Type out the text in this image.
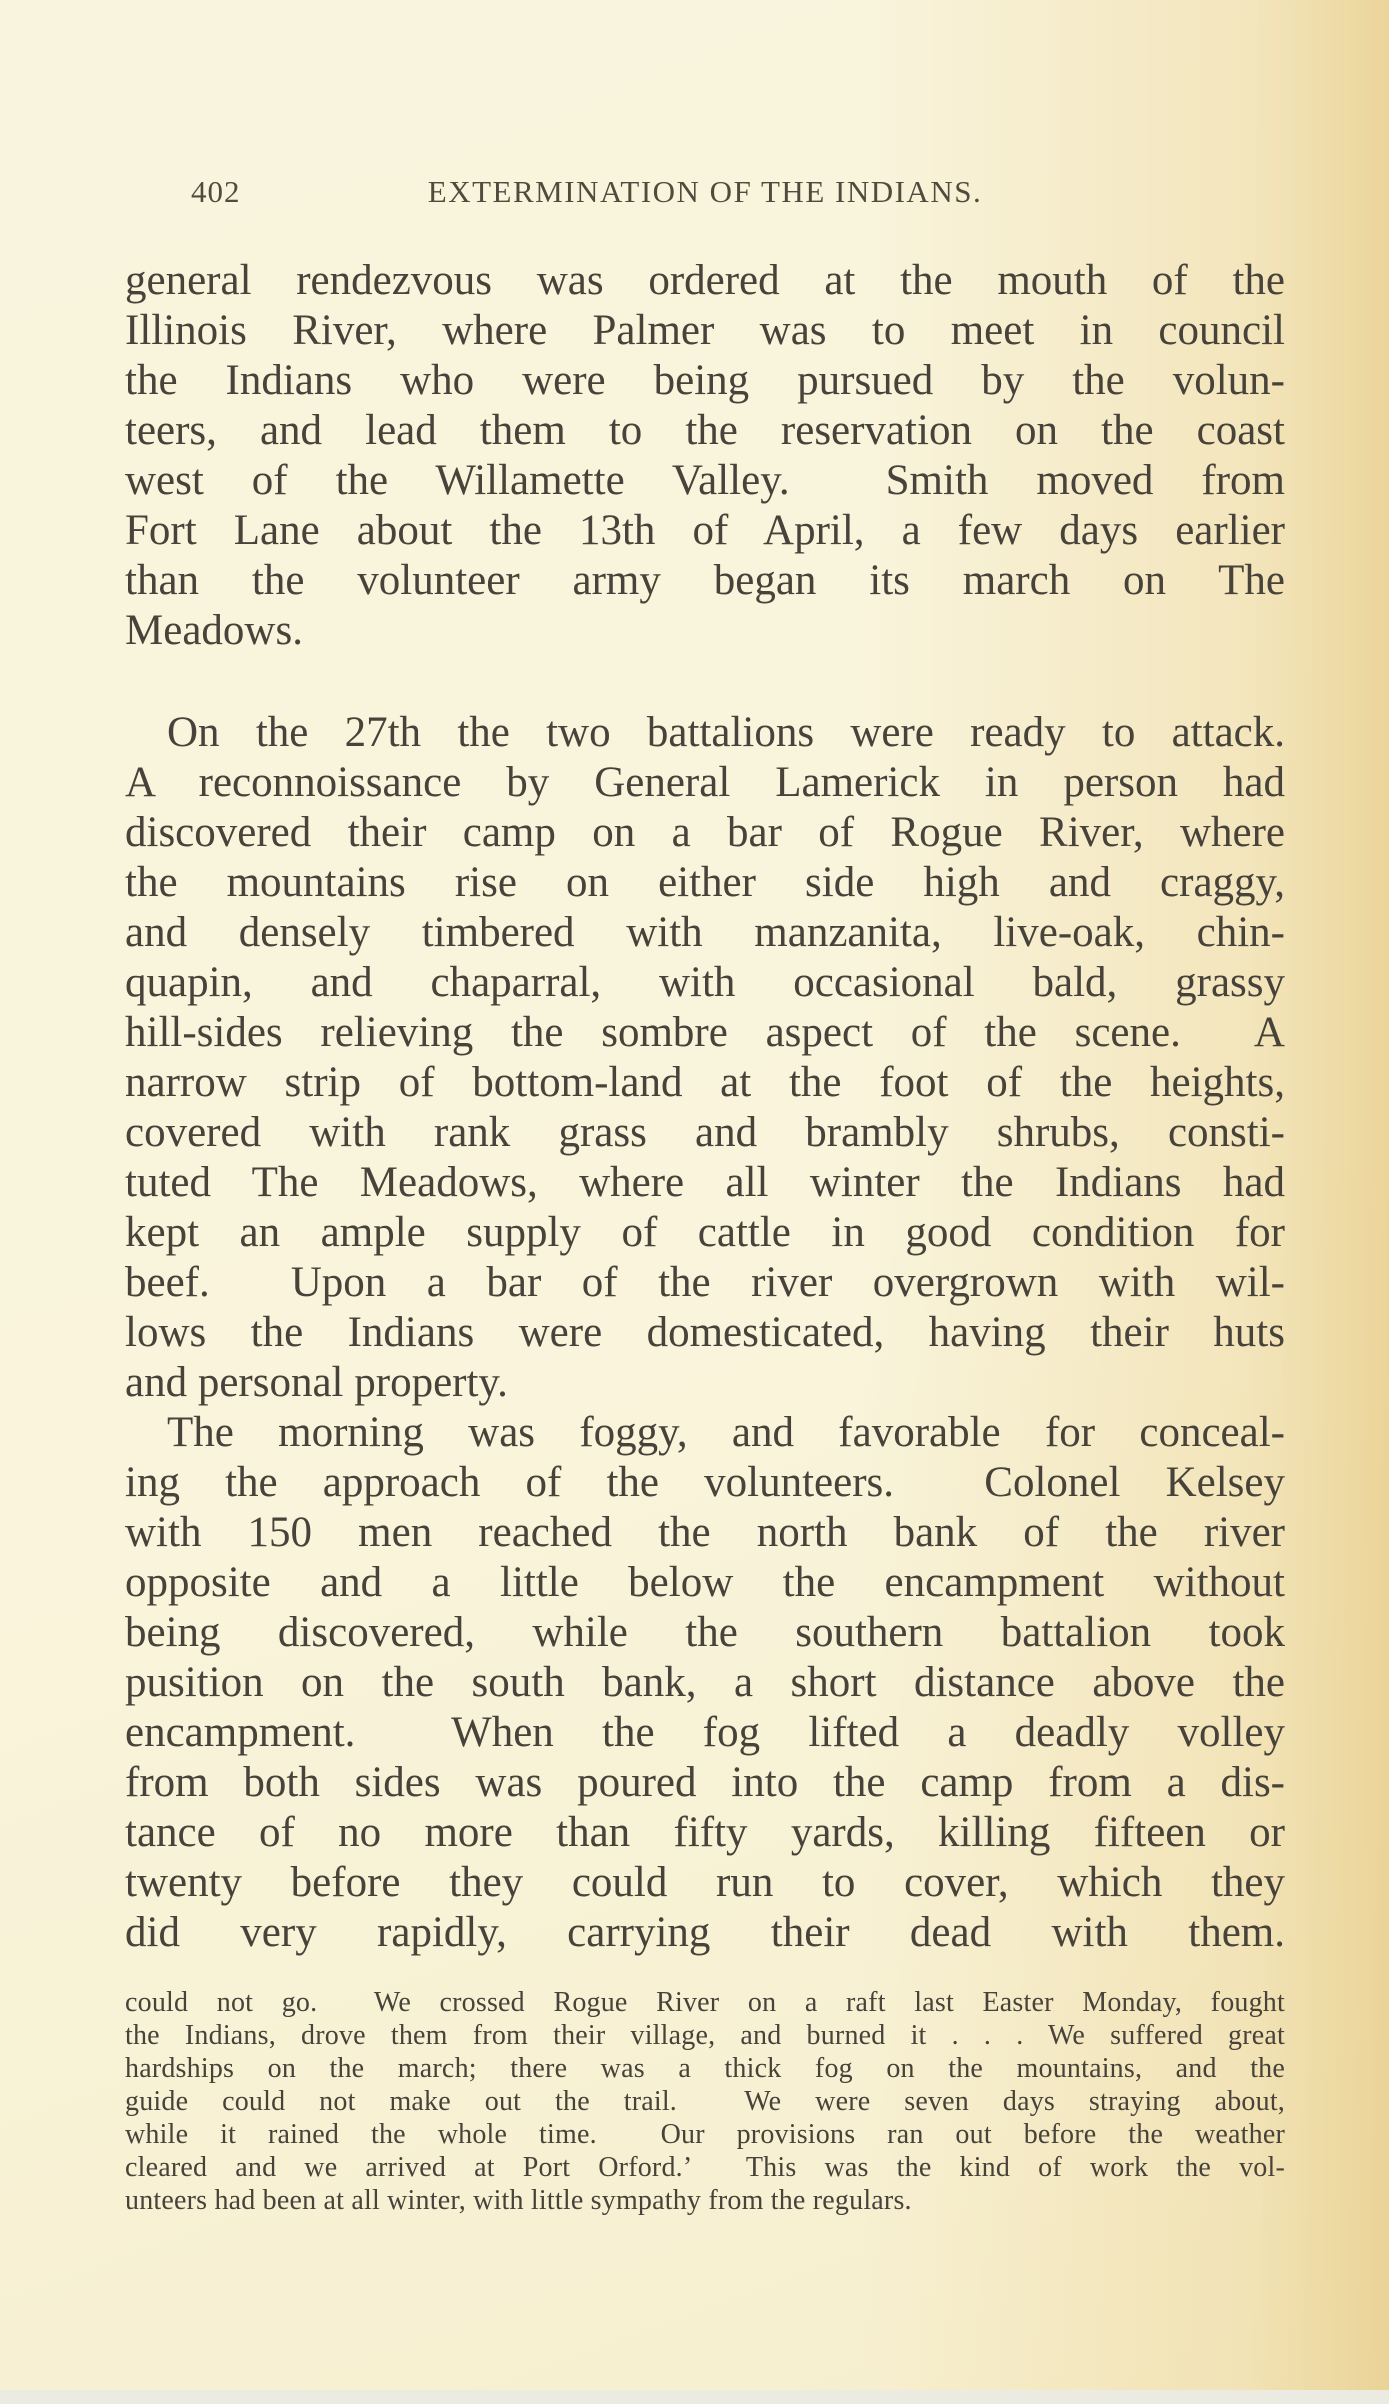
402	EXTERMINATION OF THE INDIANS.
general rendezvous was ordered at the mouth of the
Illinois River, where Palmer was to meet in council
the Indians who were being pursued by the volun-
teers, and lead them to the reservation on the coast
west of the Willamette Valley.  Smith moved from
Fort Lane about the 13th of April, a few days earlier
than the volunteer army began its march on The
Meadows.
On the 27th the two battalions were ready to attack.
A reconnoissance by General Lamerick in person had
discovered their camp on a bar of Rogue River, where
the mountains rise on either side high and craggy,
and densely timbered with manzanita, live-oak, chin-
quapin, and chaparral, with occasional bald, grassy
hill-sides relieving the sombre aspect of the scene.  A
narrow strip of bottom-land at the foot of the heights,
covered with rank grass and brambly shrubs, consti-
tuted The Meadows, where all winter the Indians had
kept an ample supply of cattle in good condition for
beef.  Upon a bar of the river overgrown with wil-
lows the Indians were domesticated, having their huts
and personal property.
The morning was foggy, and favorable for conceal-
ing the approach of the volunteers.  Colonel Kelsey
with 150 men reached the north bank of the river
opposite and a little below the encampment without
being discovered, while the southern battalion took
pusition on the south bank, a short distance above the
encampment.  When the fog lifted a deadly volley
from both sides was poured into the camp from a dis-
tance of no more than fifty yards, killing fifteen or
twenty before they could run to cover, which they
did very rapidly, carrying their dead with them.
could not go.  We crossed Rogue River on a raft last Easter Monday, fought
the Indians, drove them from their village, and burned it . . . We suffered great
hardships on the march; there was a thick fog on the mountains, and the
guide could not make out the trail.  We were seven days straying about,
while it rained the whole time.  Our provisions ran out before the weather
cleared and we arrived at Port Orford.’  This was the kind of work the vol-
unteers had been at all winter, with little sympathy from the regulars.
